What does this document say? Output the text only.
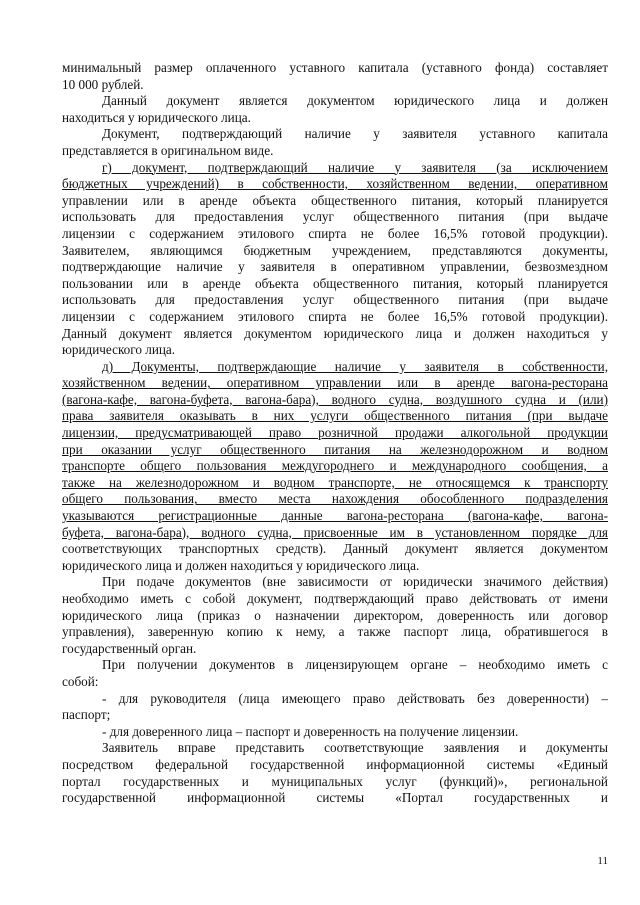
минимальный размер оплаченного уставного капитала (уставного фонда) составляет
10 000 рублей.
Данный документ является документом юридического лица и должен
находиться у юридического лица.
Документ, подтверждающий наличие у заявителя уставного капитала
представляется в оригинальном виде.
г) документ, подтверждающий наличие у заявителя (за исключением
бюджетных учреждений) в собственности, хозяйственном ведении, оперативном
управлении или в аренде объекта общественного питания, который планируется
использовать для предоставления услуг общественного питания (при выдаче
лицензии с содержанием этилового спирта не более 16,5% готовой продукции).
Заявителем, являющимся бюджетным учреждением, представляются документы,
подтверждающие наличие у заявителя в оперативном управлении, безвозмездном
пользовании или в аренде объекта общественного питания, который планируется
использовать для предоставления услуг общественного питания (при выдаче
лицензии с содержанием этилового спирта не более 16,5% готовой продукции).
Данный документ является документом юридического лица и должен находиться у
юридического лица.
д) Документы, подтверждающие наличие у заявителя в собственности,
хозяйственном ведении, оперативном управлении или в аренде вагона-ресторана
(вагона-кафе, вагона-буфета, вагона-бара), водного судна, воздушного судна и (или)
права заявителя оказывать в них услуги общественного питания (при выдаче
лицензии, предусматривающей право розничной продажи алкогольной продукции
при оказании услуг общественного питания на железнодорожном и водном
транспорте общего пользования междугороднего и международного сообщения, а
также на железнодорожном и водном транспорте, не относящемся к транспорту
общего пользования, вместо места нахождения обособленного подразделения
указываются регистрационные данные вагона-ресторана (вагона-кафе, вагона-
буфета, вагона-бара), водного судна, присвоенные им в установленном порядке для
соответствующих транспортных средств). Данный документ является документом
юридического лица и должен находиться у юридического лица.
При подаче документов (вне зависимости от юридически значимого действия)
необходимо иметь с собой документ, подтверждающий право действовать от имени
юридического лица (приказ о назначении директором, доверенность или договор
управления), заверенную копию к нему, а также паспорт лица, обратившегося в
государственный орган.
При получении документов в лицензирующем органе – необходимо иметь с
собой:
- для руководителя (лица имеющего право действовать без доверенности) –
паспорт;
- для доверенного лица – паспорт и доверенность на получение лицензии.
Заявитель вправе представить соответствующие заявления и документы
посредством федеральной государственной информационной системы «Единый
портал государственных и муниципальных услуг (функций)», региональной
государственной информационной системы «Портал государственных и
11
